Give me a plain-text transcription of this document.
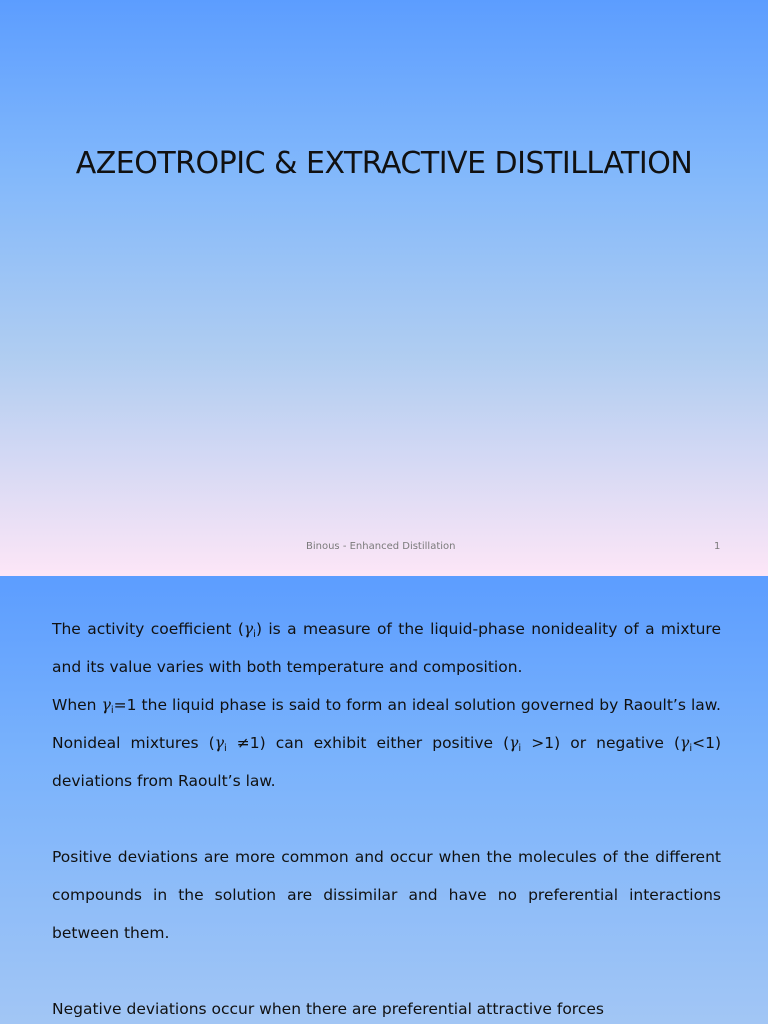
AZEOTROPIC & EXTRACTIVE DISTILLATION
Binous - Enhanced Distillation	1

The activity coefficient $(\gamma_i)$ is a measure of the liquid-phase nonideality of a mixture and its value varies with both temperature and composition.

When $\gamma_i=1$ the liquid phase is said to form an ideal solution governed by Raoult’s law. Nonideal mixtures $(\gamma_i \ne 1)$ can exhibit either positive $(\gamma_i >1)$ or negative $(\gamma_i<1)$ deviations from Raoult’s law.

Positive deviations are more common and occur when the molecules of the different compounds in the solution are dissimilar and have no preferential interactions between them.

Negative deviations occur when there are preferential attractive forces
